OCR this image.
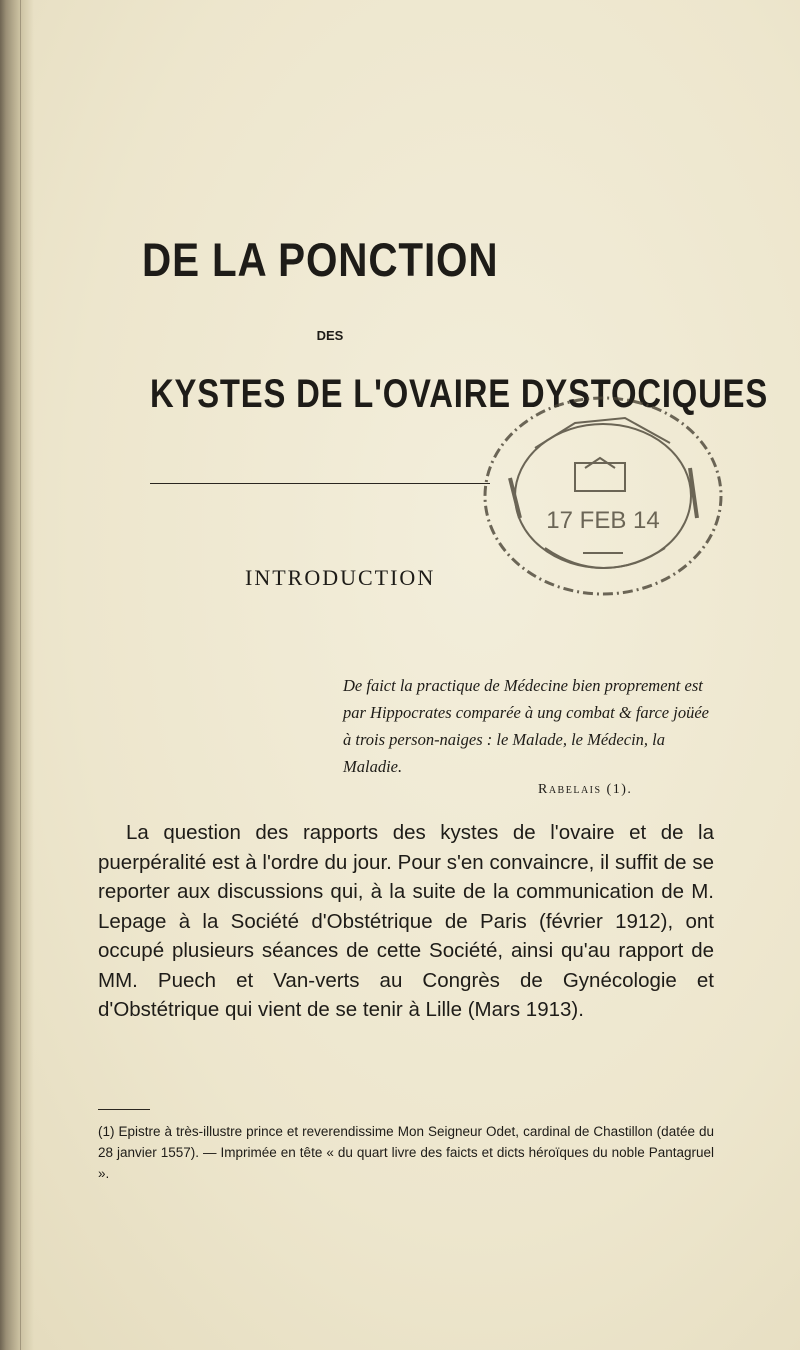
DE LA PONCTION
DES
KYSTES DE L'OVAIRE DYSTOCIQUES
17 FEB 14
INTRODUCTION
De faict la practique de Médecine bien proprement est par Hippocrates comparée à ung combat & farce joüée à trois person-naiges : le Malade, le Médecin, la Maladie.
Rabelais (1).
La question des rapports des kystes de l'ovaire et de la puerpéralité est à l'ordre du jour. Pour s'en convaincre, il suffit de se reporter aux discussions qui, à la suite de la communication de M. Lepage à la Société d'Obstétrique de Paris (février 1912), ont occupé plusieurs séances de cette Société, ainsi qu'au rapport de MM. Puech et Van-verts au Congrès de Gynécologie et d'Obstétrique qui vient de se tenir à Lille (Mars 1913).
(1) Epistre à très-illustre prince et reverendissime Mon Seigneur Odet, cardinal de Chastillon (datée du 28 janvier 1557). — Imprimée en tête « du quart livre des faicts et dicts héroïques du noble Pantagruel ».
